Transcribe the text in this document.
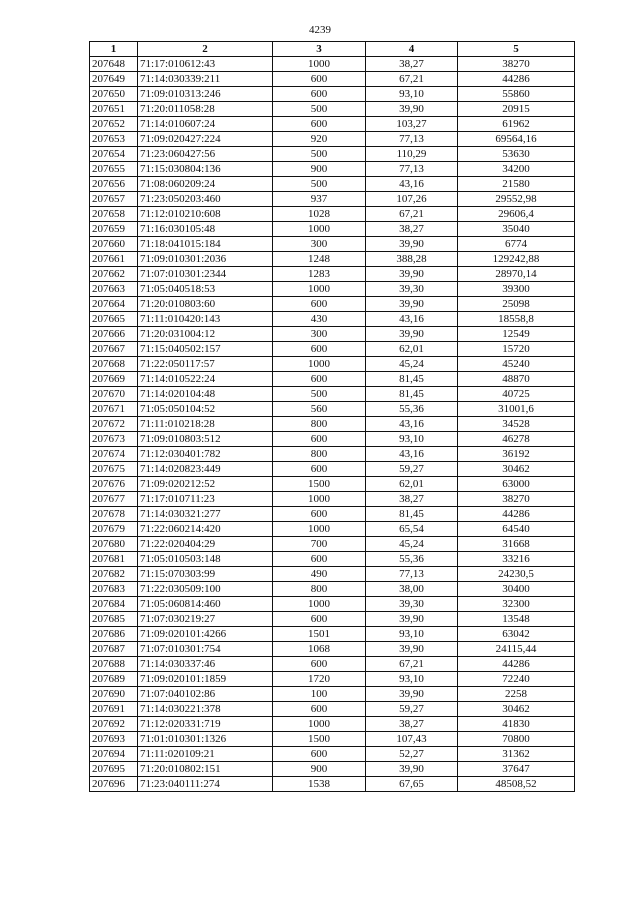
4239
1	2	3	4	5
207648	71:17:010612:43	1000	38,27	38270
207649	71:14:030339:211	600	67,21	44286
207650	71:09:010313:246	600	93,10	55860
207651	71:20:011058:28	500	39,90	20915
207652	71:14:010607:24	600	103,27	61962
207653	71:09:020427:224	920	77,13	69564,16
207654	71:23:060427:56	500	110,29	53630
207655	71:15:030804:136	900	77,13	34200
207656	71:08:060209:24	500	43,16	21580
207657	71:23:050203:460	937	107,26	29552,98
207658	71:12:010210:608	1028	67,21	29606,4
207659	71:16:030105:48	1000	38,27	35040
207660	71:18:041015:184	300	39,90	6774
207661	71:09:010301:2036	1248	388,28	129242,88
207662	71:07:010301:2344	1283	39,90	28970,14
207663	71:05:040518:53	1000	39,30	39300
207664	71:20:010803:60	600	39,90	25098
207665	71:11:010420:143	430	43,16	18558,8
207666	71:20:031004:12	300	39,90	12549
207667	71:15:040502:157	600	62,01	15720
207668	71:22:050117:57	1000	45,24	45240
207669	71:14:010522:24	600	81,45	48870
207670	71:14:020104:48	500	81,45	40725
207671	71:05:050104:52	560	55,36	31001,6
207672	71:11:010218:28	800	43,16	34528
207673	71:09:010803:512	600	93,10	46278
207674	71:12:030401:782	800	43,16	36192
207675	71:14:020823:449	600	59,27	30462
207676	71:09:020212:52	1500	62,01	63000
207677	71:17:010711:23	1000	38,27	38270
207678	71:14:030321:277	600	81,45	44286
207679	71:22:060214:420	1000	65,54	64540
207680	71:22:020404:29	700	45,24	31668
207681	71:05:010503:148	600	55,36	33216
207682	71:15:070303:99	490	77,13	24230,5
207683	71:22:030509:100	800	38,00	30400
207684	71:05:060814:460	1000	39,30	32300
207685	71:07:030219:27	600	39,90	13548
207686	71:09:020101:4266	1501	93,10	63042
207687	71:07:010301:754	1068	39,90	24115,44
207688	71:14:030337:46	600	67,21	44286
207689	71:09:020101:1859	1720	93,10	72240
207690	71:07:040102:86	100	39,90	2258
207691	71:14:030221:378	600	59,27	30462
207692	71:12:020331:719	1000	38,27	41830
207693	71:01:010301:1326	1500	107,43	70800
207694	71:11:020109:21	600	52,27	31362
207695	71:20:010802:151	900	39,90	37647
207696	71:23:040111:274	1538	67,65	48508,52
